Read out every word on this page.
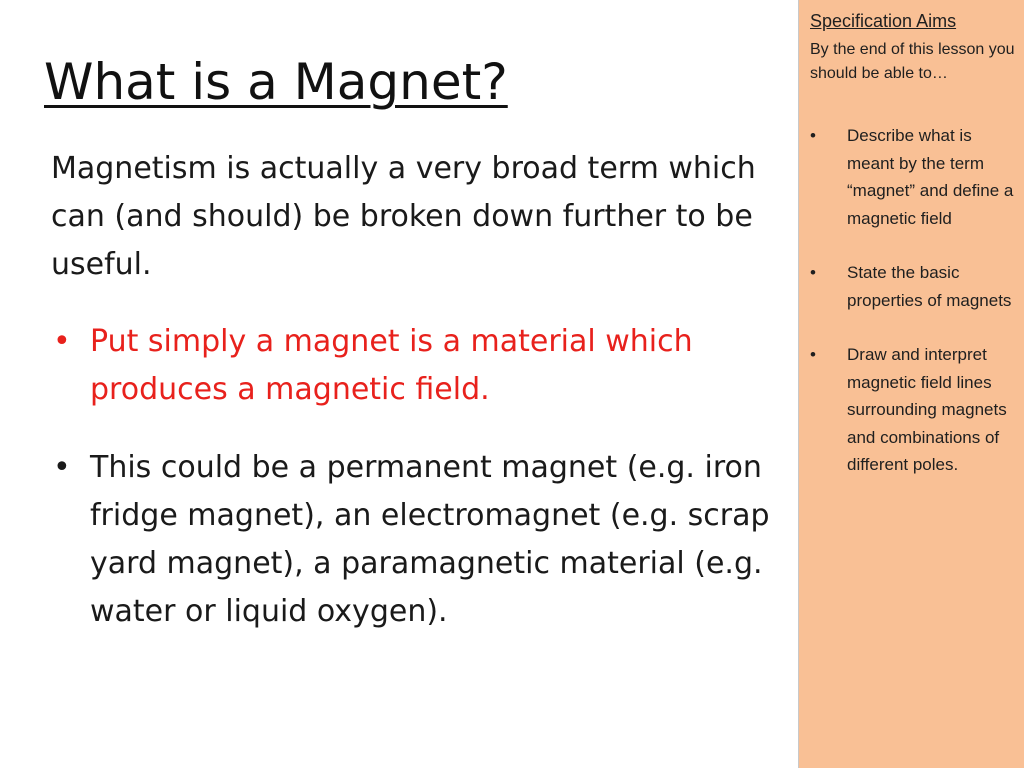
What is a Magnet?

Magnetism is actually a very broad term which can (and should) be broken down further to be useful.

• Put simply a magnet is a material which produces a magnetic field.
• This could be a permanent magnet (e.g. iron fridge magnet), an electromagnet (e.g. scrap yard magnet), a paramagnetic material (e.g. water or liquid oxygen).
Specification Aims

By the end of this lesson you should be able to…

• Describe what is meant by the term “magnet” and define a magnetic field
• State the basic properties of magnets
• Draw and interpret magnetic field lines surrounding magnets and combinations of different poles.
